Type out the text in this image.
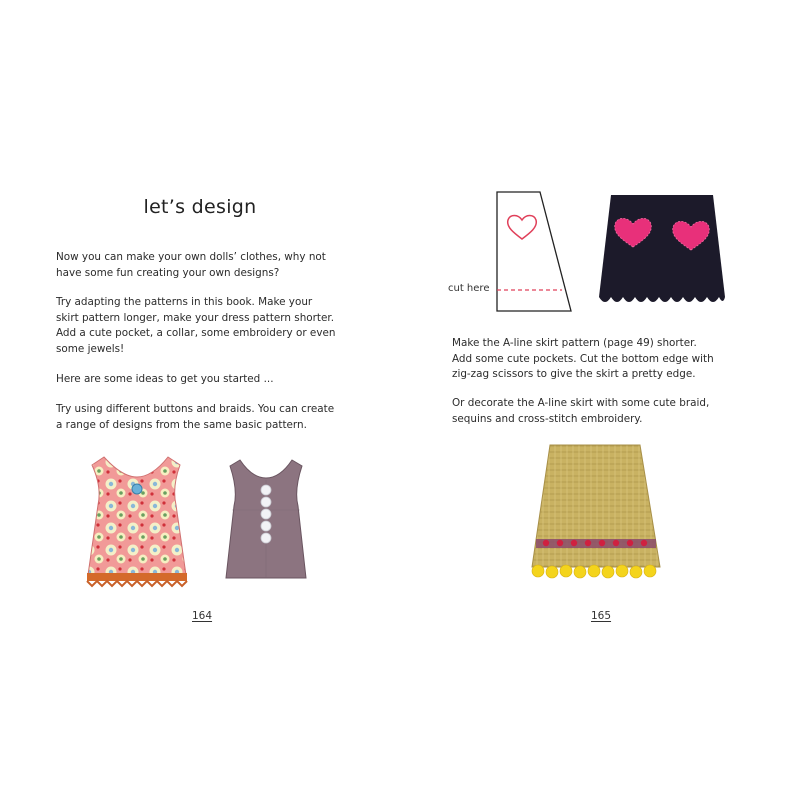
let’s design

Now you can make your own dolls’ clothes, why not
have some fun creating your own designs?

Try adapting the patterns in this book. Make your
skirt pattern longer, make your dress pattern shorter.
Add a cute pocket, a collar, some embroidery or even
some jewels!

Here are some ideas to get you started ...

Try using different buttons and braids. You can create
a range of designs from the same basic pattern.

164
cut here

Make the A-line skirt pattern (page 49) shorter.
Add some cute pockets. Cut the bottom edge with
zig-zag scissors to give the skirt a pretty edge.

Or decorate the A-line skirt with some cute braid,
sequins and cross-stitch embroidery.

165
